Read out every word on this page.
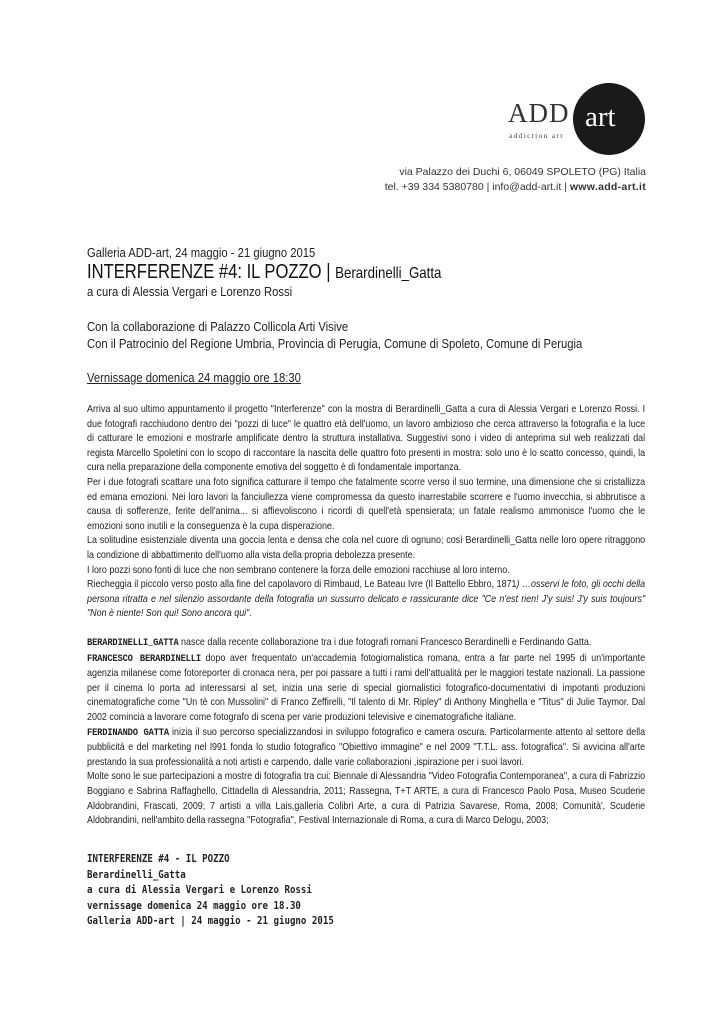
ADD
addiction art
art
via Palazzo dei Duchi 6, 06049 SPOLETO (PG) Italia
tel. +39 334 5380780 | info@add-art.it | www.add-art.it
Galleria ADD-art, 24 maggio - 21 giugno 2015
INTERFERENZE #4: IL POZZO | Berardinelli_Gatta
a cura di Alessia Vergari e Lorenzo Rossi
Con la collaborazione di Palazzo Collicola Arti Visive
Con il Patrocinio del Regione Umbria, Provincia di Perugia, Comune di Spoleto, Comune di Perugia
Vernissage domenica 24 maggio ore 18:30

Arriva al suo ultimo appuntamento il progetto "Interferenze" con la mostra di Berardinelli_Gatta a cura di Alessia Vergari e Lorenzo Rossi. I due fotografi racchiudono dentro dei "pozzi di luce" le quattro età dell'uomo, un lavoro ambizioso che cerca attraverso la fotografia e la luce di catturare le emozioni e mostrarle amplificate dentro la struttura installativa. Suggestivi sono i video di anteprima sul web realizzati dal regista Marcello Spoletini con lo scopo di raccontare la nascita delle quattro foto presenti in mostra: solo uno è lo scatto concesso, quindi, la cura nella preparazione della componente emotiva del soggetto è di fondamentale importanza.

Per i due fotografi scattare una foto significa catturare il tempo che fatalmente scorre verso il suo termine, una dimensione che si cristallizza ed emana emozioni. Nei loro lavori la fanciullezza viene compromessa da questo inarrestabile scorrere e l'uomo invecchia, si abbrutisce a causa di sofferenze, ferite dell'anima... si affievoliscono i ricordi di quell'età spensierata; un fatale realismo ammonisce l'uomo che le emozioni sono inutili e la conseguenza è la cupa disperazione.

La solitudine esistenziale diventa una goccia lenta e densa che cola nel cuore di ognuno; così Berardinelli_Gatta nelle loro opere ritraggono la condizione di abbattimento dell'uomo alla vista della propria debolezza presente.

I loro pozzi sono fonti di luce che non sembrano contenere la forza delle emozioni racchiuse al loro interno.

Riecheggia il piccolo verso posto alla fine del capolavoro di Rimbaud, Le Bateau Ivre (Il Battello Ebbro, 1871) …osservi le foto, gli occhi della persona ritratta e nel silenzio assordante della fotografia un sussurro delicato e rassicurante dice "Ce n'est rien! J'y suis! J'y suis toujours" "Non è niente! Son qui! Sono ancora qui".

BERARDINELLI_GATTA nasce dalla recente collaborazione tra i due fotografi romani Francesco Berardinelli e Ferdinando Gatta.

FRANCESCO BERARDINELLI dopo aver frequentato un'accademia fotogiornalistica romana, entra a far parte nel 1995 di un'importante agenzia milanese come fotoreporter di cronaca nera, per poi passare a tutti i rami dell'attualità per le maggiori testate nazionali. La passione per il cinema lo porta ad interessarsi al set, inizia una serie di special giornalistici fotografico-documentativi di impotanti produzioni cinematografiche come "Un tè con Mussolini" di Franco Zeffirelli, "Il talento di Mr. Ripley" di Anthony Minghella e "Titus" di Julie Taymor. Dal 2002 comincia a lavorare come fotografo di scena per varie produzioni televisive e cinematografiche italiane.

FERDINANDO GATTA inizia il suo percorso specializzandosi in sviluppo fotografico e camera oscura. Particolarmente attento al settore della pubblicità e del marketing nel l991 fonda lo studio fotografico "Obiettivo immagine" e nel 2009 "T.T.L. ass. fotografica". Si avvicina all'arte prestando la sua professionalità a noti artisti e carpendo, dalle varie collaborazioni ,ispirazione per i suoi lavori.

Molte sono le sue partecipazioni a mostre di fotografia tra cui: Biennale di Alessandria "Video Fotografia Contemporanea", a cura di Fabrizzio Boggiano e Sabrina Raffaghello, Cittadella di Alessandria, 2011; Rassegna, T+T ARTE, a cura di Francesco Paolo Posa, Museo Scuderie Aldobrandini, Frascati, 2009; 7 artisti a villa Lais,galleria Colibrì Arte, a cura di Patrizia Savarese, Roma, 2008; Comunità', Scuderie Aldobrandini, nell'ambito della rassegna "Fotografia", Festival Internazionale di Roma, a cura di Marco Delogu, 2003;

INTERFERENZE #4 - IL POZZO
Berardinelli_Gatta
a cura di Alessia Vergari e Lorenzo Rossi
vernissage domenica 24 maggio ore 18.30
Galleria ADD-art | 24 maggio - 21 giugno 2015
